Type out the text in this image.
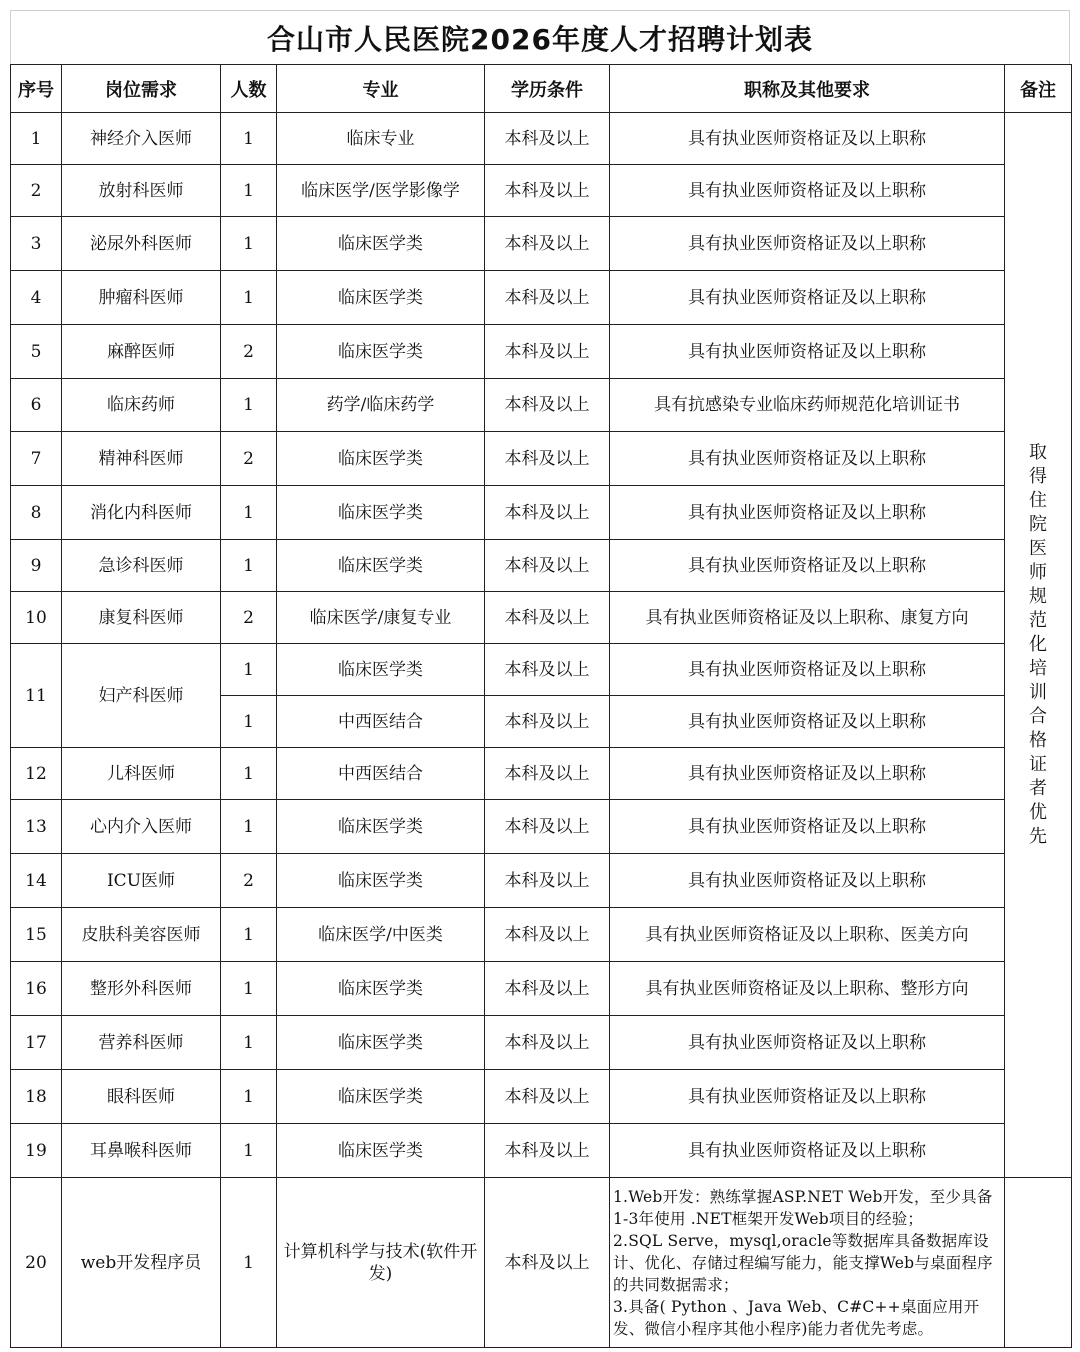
合山市人民医院2026年度人才招聘计划表
序号	岗位需求	人数	专业	学历条件	职称及其他要求	备注
1	神经介入医师	1	临床专业	本科及以上	具有执业医师资格证及以上职称	取得住院医师规范化培训合格证者优先
2	放射科医师	1	临床医学/医学影像学	本科及以上	具有执业医师资格证及以上职称	
3	泌尿外科医师	1	临床医学类	本科及以上	具有执业医师资格证及以上职称	
4	肿瘤科医师	1	临床医学类	本科及以上	具有执业医师资格证及以上职称	
5	麻醉医师	2	临床医学类	本科及以上	具有执业医师资格证及以上职称	
6	临床药师	1	药学/临床药学	本科及以上	具有抗感染专业临床药师规范化培训证书	
7	精神科医师	2	临床医学类	本科及以上	具有执业医师资格证及以上职称	
8	消化内科医师	1	临床医学类	本科及以上	具有执业医师资格证及以上职称	
9	急诊科医师	1	临床医学类	本科及以上	具有执业医师资格证及以上职称	
10	康复科医师	2	临床医学/康复专业	本科及以上	具有执业医师资格证及以上职称、康复方向	
11	妇产科医师	1	临床医学类	本科及以上	具有执业医师资格证及以上职称	
		1	中西医结合	本科及以上	具有执业医师资格证及以上职称	
12	儿科医师	1	中西医结合	本科及以上	具有执业医师资格证及以上职称	
13	心内介入医师	1	临床医学类	本科及以上	具有执业医师资格证及以上职称	
14	ICU医师	2	临床医学类	本科及以上	具有执业医师资格证及以上职称	
15	皮肤科美容医师	1	临床医学/中医类	本科及以上	具有执业医师资格证及以上职称、医美方向	
16	整形外科医师	1	临床医学类	本科及以上	具有执业医师资格证及以上职称、整形方向	
17	营养科医师	1	临床医学类	本科及以上	具有执业医师资格证及以上职称	
18	眼科医师	1	临床医学类	本科及以上	具有执业医师资格证及以上职称	
19	耳鼻喉科医师	1	临床医学类	本科及以上	具有执业医师资格证及以上职称	
20	web开发程序员	1	计算机科学与技术(软件开发)	本科及以上	1.Web开发：熟练掌握ASP.NET Web开发，至少具备1-3年使用 .NET框架开发Web项目的经验；
2.SQL Serve，mysql,oracle等数据库具备数据库设计、优化、存储过程编写能力，能支撑Web与桌面程序的共同数据需求；
3.具备( Python 、Java Web、C#C++桌面应用开发、微信小程序其他小程序)能力者优先考虑。	
